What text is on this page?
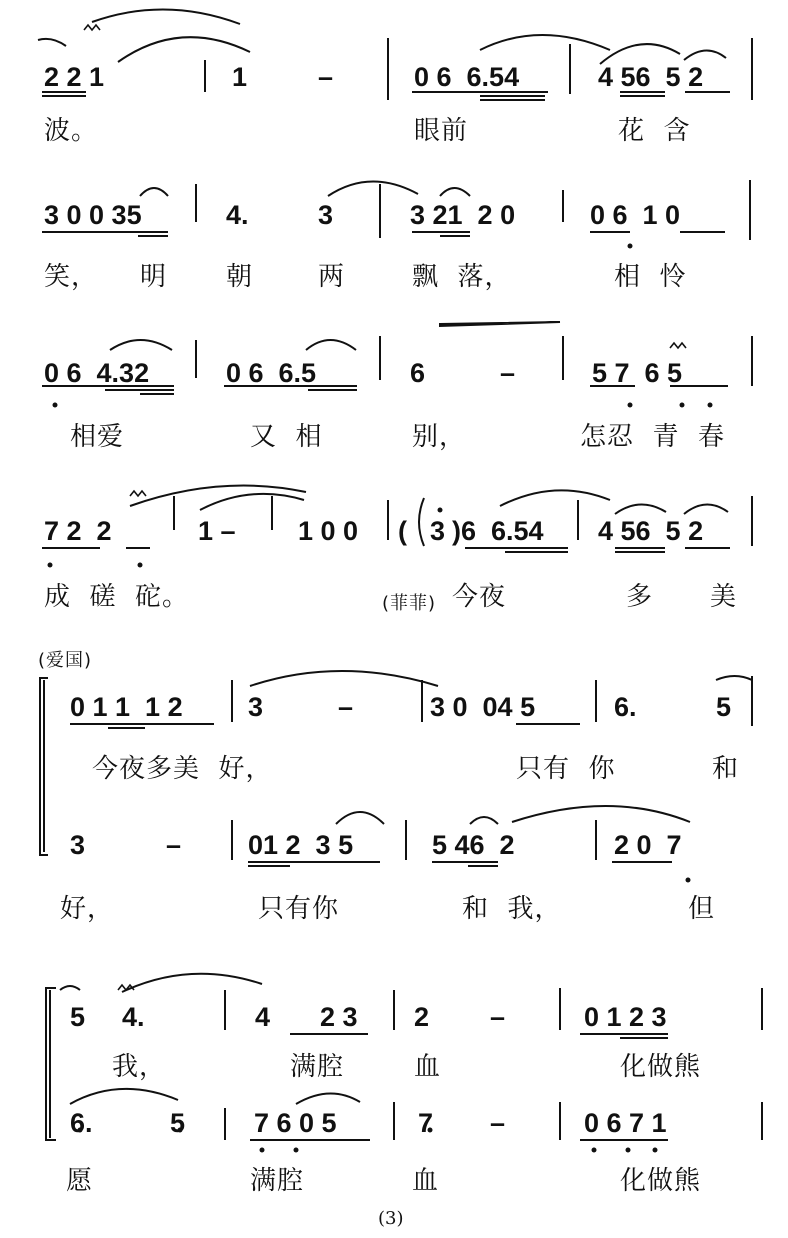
2 2 1	1	–	0 6  6.54	4 56  5 2
波。	眼前	花  含
3 0 0 35	4.	3	3 21  2 0	0 6  1 0
笑， 明 朝 两	飘  落，	相  怜
0 6  4.32	0 6  6.5	6	–	5 7  6 5
相爱	又  相	别，	怎忍  青  春
7 2  2	1 – 1 0 0 ( 3 )6  6.54 4 56  5 2
成  磋  砣。	(菲菲) 今夜	多 美
(爱国)
0 1 1  1 2 3	–	3 0  04 5	6.	5
今夜多美  好，	只有  你	和
3	– 01 2  3 5	5 46  2	2 0  7
好，	只有你	和  我，	但
5 4.	4 2 3 2 –	0 1 2 3
我，	满腔	血	化做熊
6.	5	7 6 0 5	7 –	0 6 7 1
愿	满腔	血	化做熊
(3)
